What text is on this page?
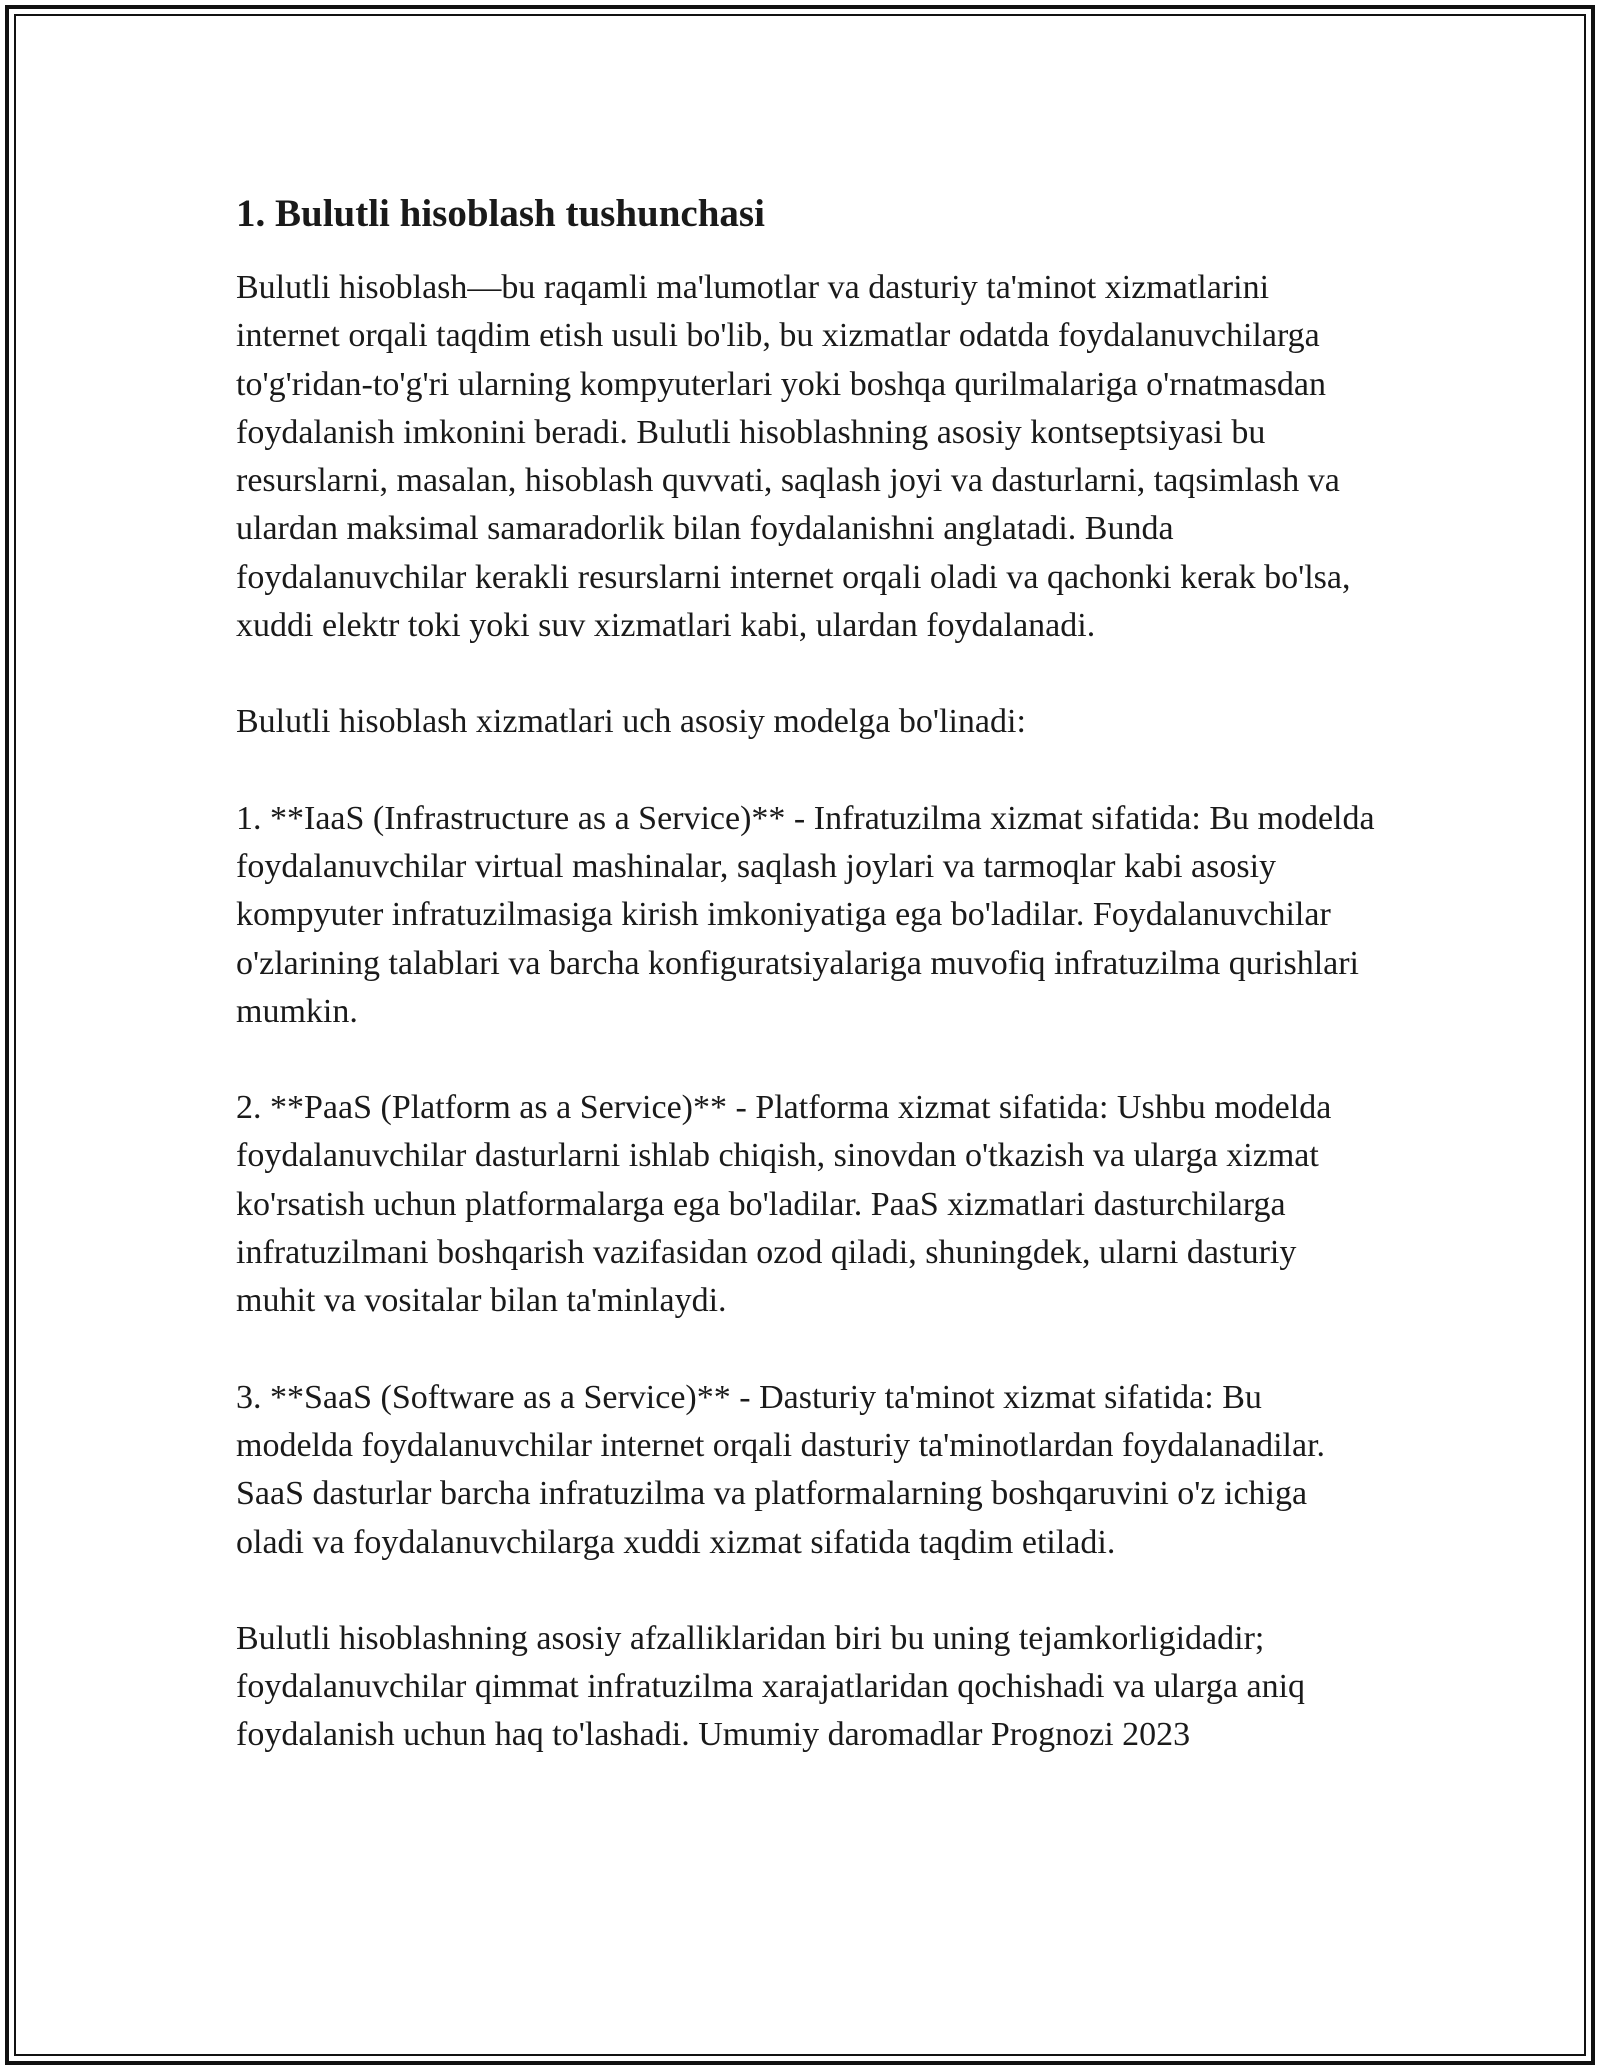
1. Bulutli hisoblash tushunchasi

Bulutli hisoblash—bu raqamli ma'lumotlar va dasturiy ta'minot xizmatlarini internet orqali taqdim etish usuli bo'lib, bu xizmatlar odatda foydalanuvchilarga to'g'ridan-to'g'ri ularning kompyuterlari yoki boshqa qurilmalariga o'rnatmasdan foydalanish imkonini beradi. Bulutli hisoblashning asosiy kontseptsiyasi bu resurslarni, masalan, hisoblash quvvati, saqlash joyi va dasturlarni, taqsimlash va ulardan maksimal samaradorlik bilan foydalanishni anglatadi. Bunda foydalanuvchilar kerakli resurslarni internet orqali oladi va qachonki kerak bo'lsa, xuddi elektr toki yoki suv xizmatlari kabi, ulardan foydalanadi.

Bulutli hisoblash xizmatlari uch asosiy modelga bo'linadi:

1. **IaaS (Infrastructure as a Service)** - Infratuzilma xizmat sifatida: Bu modelda foydalanuvchilar virtual mashinalar, saqlash joylari va tarmoqlar kabi asosiy kompyuter infratuzilmasiga kirish imkoniyatiga ega bo'ladilar. Foydalanuvchilar o'zlarining talablari va barcha konfiguratsiyalariga muvofiq infratuzilma qurishlari mumkin.

2. **PaaS (Platform as a Service)** - Platforma xizmat sifatida: Ushbu modelda foydalanuvchilar dasturlarni ishlab chiqish, sinovdan o'tkazish va ularga xizmat ko'rsatish uchun platformalarga ega bo'ladilar. PaaS xizmatlari dasturchilarga infratuzilmani boshqarish vazifasidan ozod qiladi, shuningdek, ularni dasturiy muhit va vositalar bilan ta'minlaydi.

3. **SaaS (Software as a Service)** - Dasturiy ta'minot xizmat sifatida: Bu modelda foydalanuvchilar internet orqali dasturiy ta'minotlardan foydalanadilar. SaaS dasturlar barcha infratuzilma va platformalarning boshqaruvini o'z ichiga oladi va foydalanuvchilarga xuddi xizmat sifatida taqdim etiladi.

Bulutli hisoblashning asosiy afzalliklaridan biri bu uning tejamkorligidadir; foydalanuvchilar qimmat infratuzilma xarajatlaridan qochishadi va ularga aniq foydalanish uchun haq to'lashadi. Umumiy daromadlar Prognozi 2023
